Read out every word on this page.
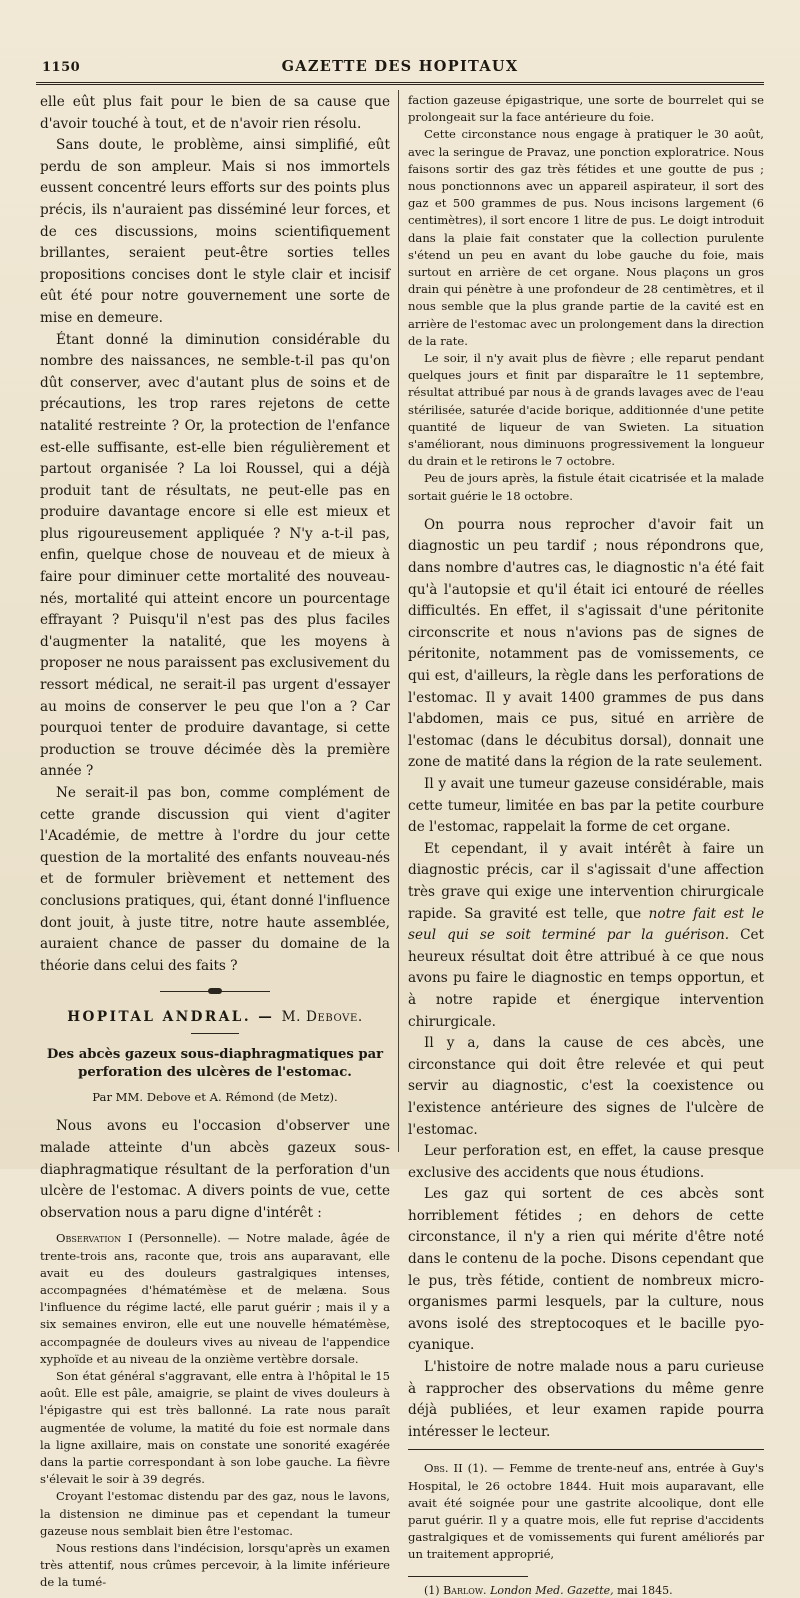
1150	GAZETTE DES HOPITAUX

elle eût plus fait pour le bien de sa cause que d'avoir touché à tout, et de n'avoir rien résolu.

Sans doute, le problème, ainsi simplifié, eût perdu de son ampleur. Mais si nos immortels eussent concentré leurs efforts sur des points plus précis, ils n'auraient pas disséminé leur forces, et de ces discussions, moins scientifiquement brillantes, seraient peut-être sorties telles propositions concises dont le style clair et incisif eût été pour notre gouvernement une sorte de mise en demeure.

Étant donné la diminution considérable du nombre des naissances, ne semble-t-il pas qu'on dût conserver, avec d'autant plus de soins et de précautions, les trop rares rejetons de cette natalité restreinte ? Or, la protection de l'enfance est-elle suffisante, est-elle bien régulièrement et partout organisée ? La loi Roussel, qui a déjà produit tant de résultats, ne peut-elle pas en produire davantage encore si elle est mieux et plus rigoureusement appliquée ? N'y a-t-il pas, enfin, quelque chose de nouveau et de mieux à faire pour diminuer cette mortalité des nouveau-nés, mortalité qui atteint encore un pourcentage effrayant ? Puisqu'il n'est pas des plus faciles d'augmenter la natalité, que les moyens à proposer ne nous paraissent pas exclusivement du ressort médical, ne serait-il pas urgent d'essayer au moins de conserver le peu que l'on a ? Car pourquoi tenter de produire davantage, si cette production se trouve décimée dès la première année ?

Ne serait-il pas bon, comme complément de cette grande discussion qui vient d'agiter l'Académie, de mettre à l'ordre du jour cette question de la mortalité des enfants nouveau-nés et de formuler brièvement et nettement des conclusions pratiques, qui, étant donné l'influence dont jouit, à juste titre, notre haute assemblée, auraient chance de passer du domaine de la théorie dans celui des faits ?

HOPITAL ANDRAL. — M. Debove.
Des abcès gazeux sous-diaphragmatiques par perforation des ulcères de l'estomac.
Par MM. Debove et A. Rémond (de Metz).

Nous avons eu l'occasion d'observer une malade atteinte d'un abcès gazeux sous-diaphragmatique résultant de la perforation d'un ulcère de l'estomac. A divers points de vue, cette observation nous a paru digne d'intérêt :

Observation I (Personnelle). — Notre malade, âgée de trente-trois ans, raconte que, trois ans auparavant, elle avait eu des douleurs gastralgiques intenses, accompagnées d'hématémèse et de melæna. Sous l'influence du régime lacté, elle parut guérir ; mais il y a six semaines environ, elle eut une nouvelle hématémèse, accompagnée de douleurs vives au niveau de l'appendice xyphoïde et au niveau de la onzième vertèbre dorsale.

Son état général s'aggravant, elle entra à l'hôpital le 15 août. Elle est pâle, amaigrie, se plaint de vives douleurs à l'épigastre qui est très ballonné. La rate nous paraît augmentée de volume, la matité du foie est normale dans la ligne axillaire, mais on constate une sonorité exagérée dans la partie correspondant à son lobe gauche. La fièvre s'élevait le soir à 39 degrés.

Croyant l'estomac distendu par des gaz, nous le lavons, la distension ne diminue pas et cependant la tumeur gazeuse nous semblait bien être l'estomac.

Nous restions dans l'indécision, lorsqu'après un examen très attentif, nous crûmes percevoir, à la limite inférieure de la tumé-

faction gazeuse épigastrique, une sorte de bourrelet qui se prolongeait sur la face antérieure du foie.

Cette circonstance nous engage à pratiquer le 30 août, avec la seringue de Pravaz, une ponction exploratrice. Nous faisons sortir des gaz très fétides et une goutte de pus ; nous ponctionnons avec un appareil aspirateur, il sort des gaz et 500 grammes de pus. Nous incisons largement (6 centimètres), il sort encore 1 litre de pus. Le doigt introduit dans la plaie fait constater que la collection purulente s'étend un peu en avant du lobe gauche du foie, mais surtout en arrière de cet organe. Nous plaçons un gros drain qui pénètre à une profondeur de 28 centimètres, et il nous semble que la plus grande partie de la cavité est en arrière de l'estomac avec un prolongement dans la direction de la rate.

Le soir, il n'y avait plus de fièvre ; elle reparut pendant quelques jours et finit par disparaître le 11 septembre, résultat attribué par nous à de grands lavages avec de l'eau stérilisée, saturée d'acide borique, additionnée d'une petite quantité de liqueur de van Swieten. La situation s'améliorant, nous diminuons progressivement la longueur du drain et le retirons le 7 octobre.

Peu de jours après, la fistule était cicatrisée et la malade sortait guérie le 18 octobre.

On pourra nous reprocher d'avoir fait un diagnostic un peu tardif ; nous répondrons que, dans nombre d'autres cas, le diagnostic n'a été fait qu'à l'autopsie et qu'il était ici entouré de réelles difficultés. En effet, il s'agissait d'une péritonite circonscrite et nous n'avions pas de signes de péritonite, notamment pas de vomissements, ce qui est, d'ailleurs, la règle dans les perforations de l'estomac. Il y avait 1400 grammes de pus dans l'abdomen, mais ce pus, situé en arrière de l'estomac (dans le décubitus dorsal), donnait une zone de matité dans la région de la rate seulement.

Il y avait une tumeur gazeuse considérable, mais cette tumeur, limitée en bas par la petite courbure de l'estomac, rappelait la forme de cet organe.

Et cependant, il y avait intérêt à faire un diagnostic précis, car il s'agissait d'une affection très grave qui exige une intervention chirurgicale rapide. Sa gravité est telle, que notre fait est le seul qui se soit terminé par la guérison. Cet heureux résultat doit être attribué à ce que nous avons pu faire le diagnostic en temps opportun, et à notre rapide et énergique intervention chirurgicale.

Il y a, dans la cause de ces abcès, une circonstance qui doit être relevée et qui peut servir au diagnostic, c'est la coexistence ou l'existence antérieure des signes de l'ulcère de l'estomac.

Leur perforation est, en effet, la cause presque exclusive des accidents que nous étudions.

Les gaz qui sortent de ces abcès sont horriblement fétides ; en dehors de cette circonstance, il n'y a rien qui mérite d'être noté dans le contenu de la poche. Disons cependant que le pus, très fétide, contient de nombreux micro-organismes parmi lesquels, par la culture, nous avons isolé des streptocoques et le bacille pyo-cyanique.

L'histoire de notre malade nous a paru curieuse à rapprocher des observations du même genre déjà publiées, et leur examen rapide pourra intéresser le lecteur.

Obs. II (1). — Femme de trente-neuf ans, entrée à Guy's Hospital, le 26 octobre 1844. Huit mois auparavant, elle avait été soignée pour une gastrite alcoolique, dont elle parut guérir. Il y a quatre mois, elle fut reprise d'accidents gastralgiques et de vomissements qui furent améliorés par un traitement approprié,

(1) Barlow. London Med. Gazette, mai 1845.
